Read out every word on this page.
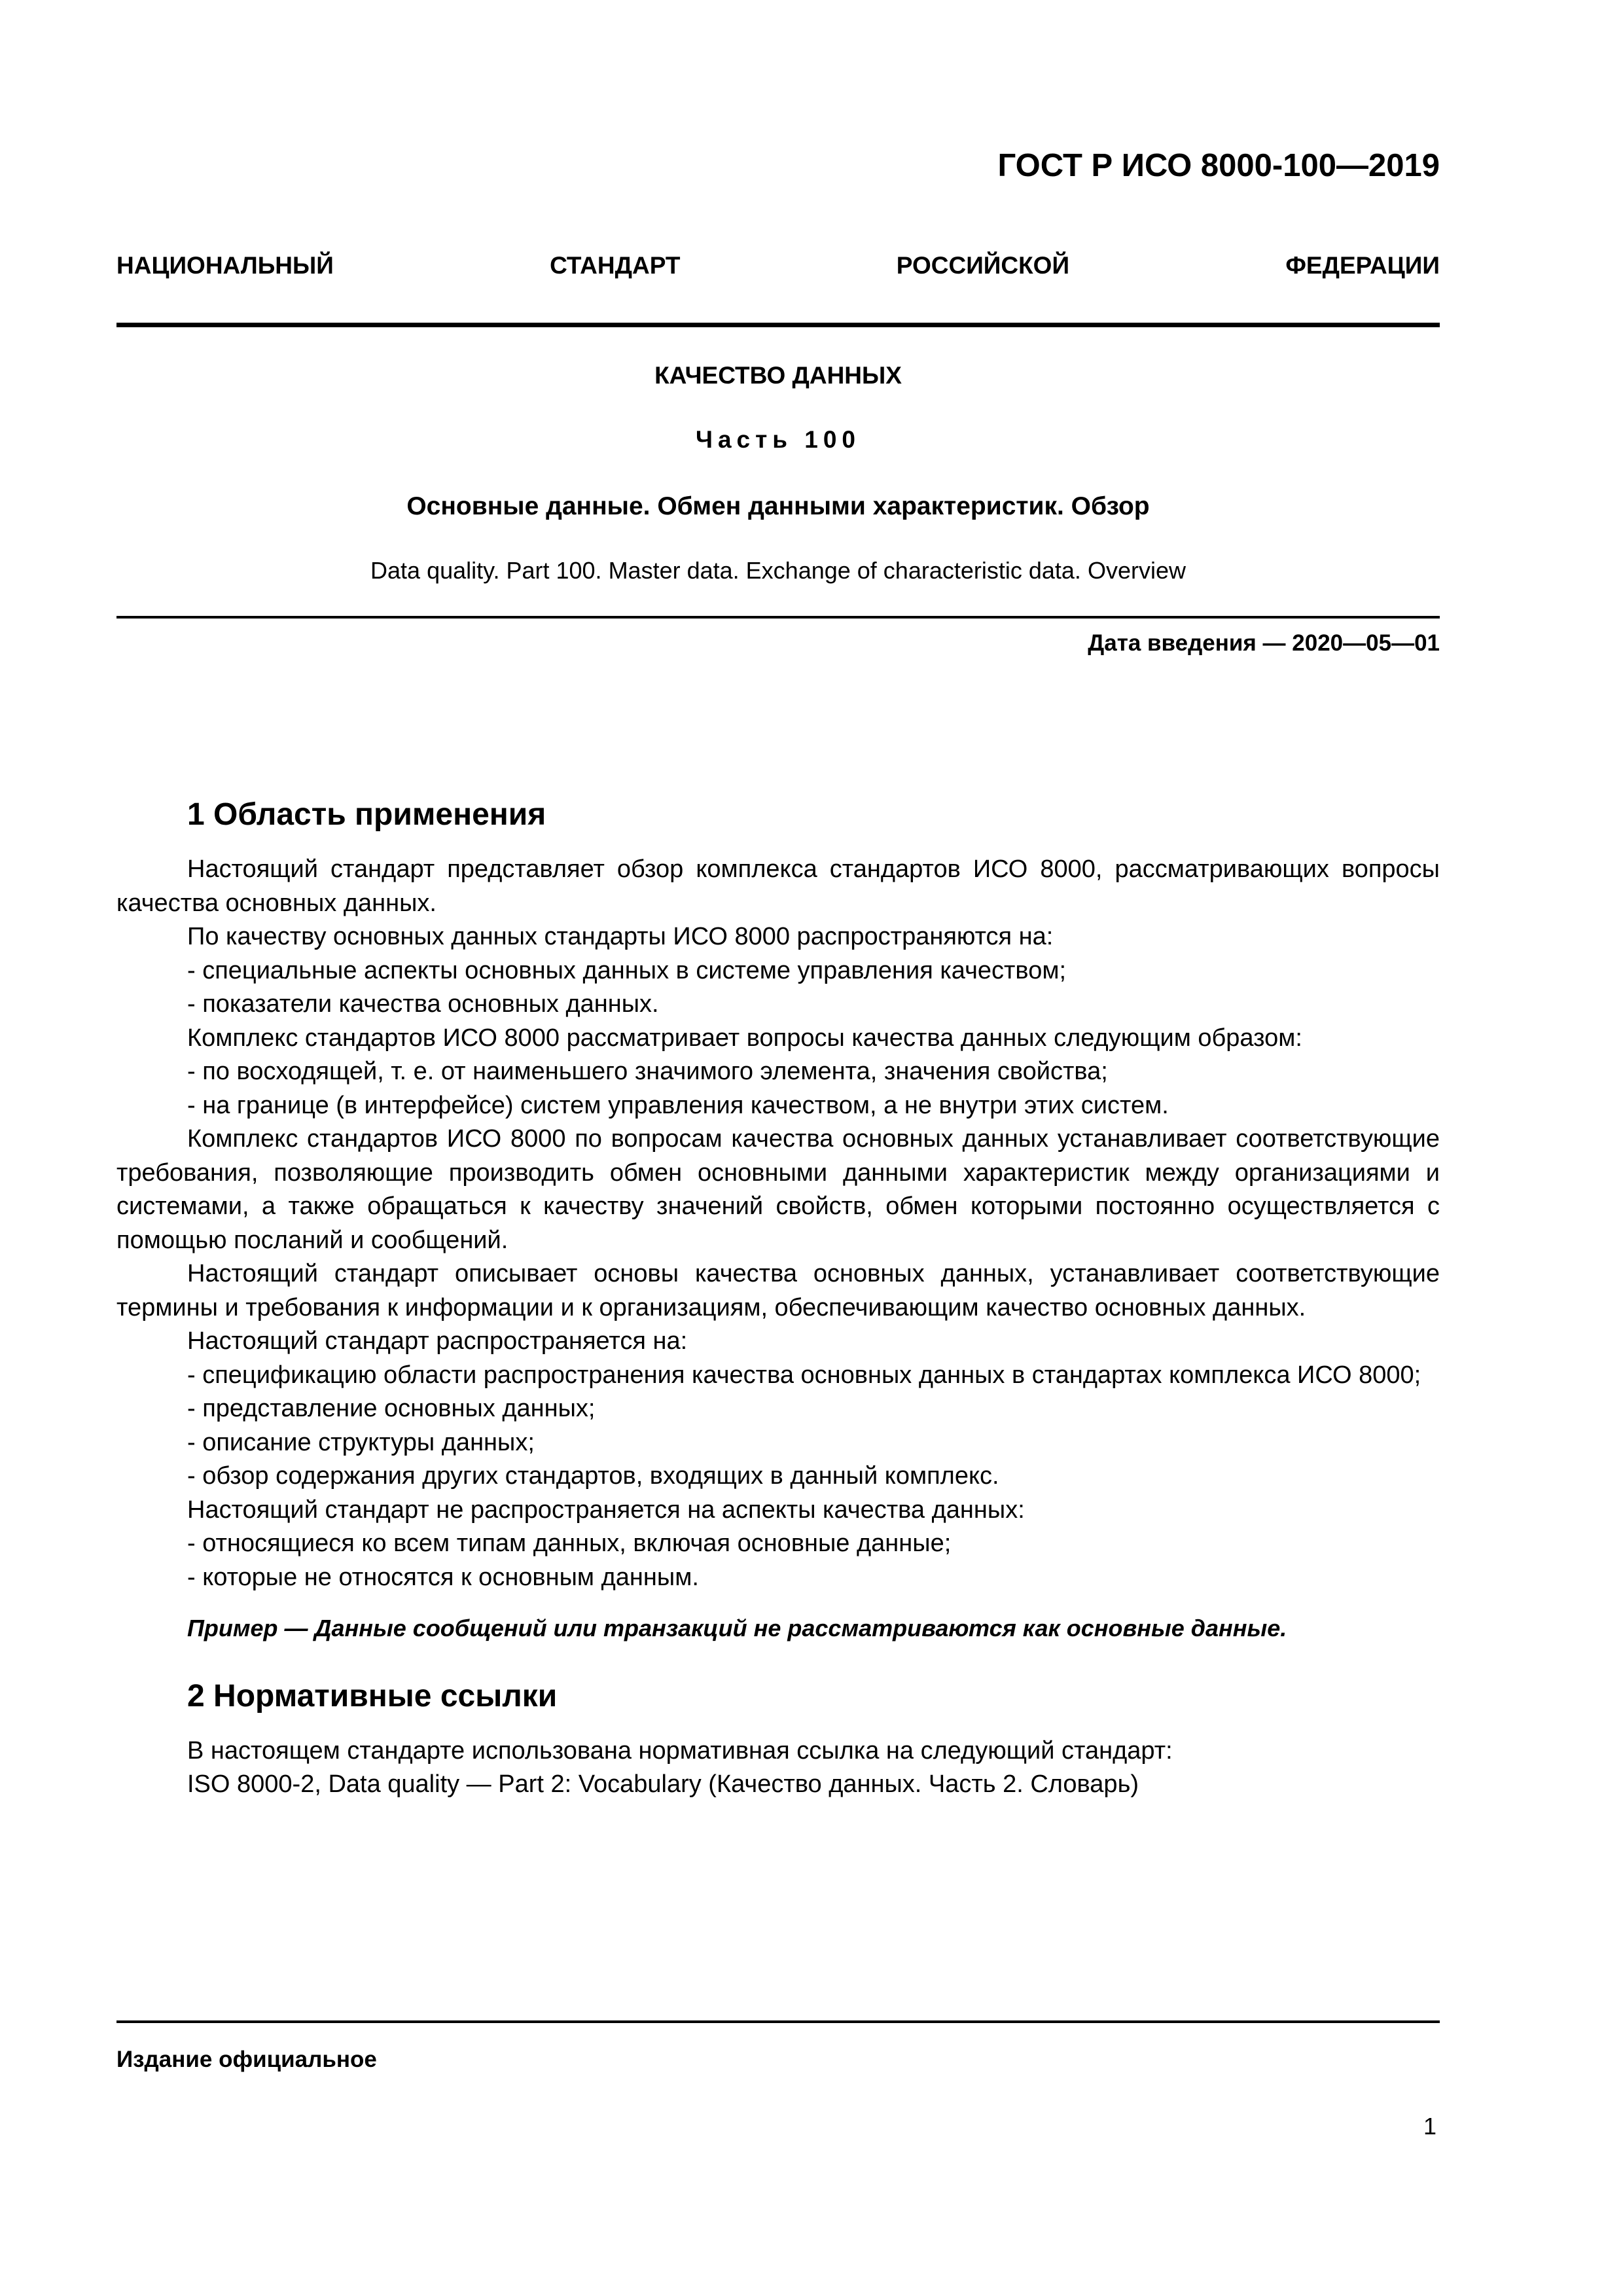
ГОСТ Р ИСО 8000-100—2019
НАЦИОНАЛЬНЫЙ СТАНДАРТ РОССИЙСКОЙ ФЕДЕРАЦИИ
КАЧЕСТВО ДАННЫХ
Часть 100
Основные данные. Обмен данными характеристик. Обзор
Data quality. Part 100. Master data. Exchange of characteristic data. Overview
Дата введения — 2020—05—01
1 Область применения

Настоящий стандарт представляет обзор комплекса стандартов ИСО 8000, рассматривающих вопросы качества основных данных.

По качеству основных данных стандарты ИСО 8000 распространяются на:

- специальные аспекты основных данных в системе управления качеством;

- показатели качества основных данных.

Комплекс стандартов ИСО 8000 рассматривает вопросы качества данных следующим образом:

- по восходящей, т. е. от наименьшего значимого элемента, значения свойства;

- на границе (в интерфейсе) систем управления качеством, а не внутри этих систем.

Комплекс стандартов ИСО 8000 по вопросам качества основных данных устанавливает соответствующие требования, позволяющие производить обмен основными данными характеристик между организациями и системами, а также обращаться к качеству значений свойств, обмен которыми постоянно осуществляется с помощью посланий и сообщений.

Настоящий стандарт описывает основы качества основных данных, устанавливает соответствующие термины и требования к информации и к организациям, обеспечивающим качество основных данных.

Настоящий стандарт распространяется на:

- спецификацию области распространения качества основных данных в стандартах комплекса ИСО 8000;

- представление основных данных;

- описание структуры данных;

- обзор содержания других стандартов, входящих в данный комплекс.

Настоящий стандарт не распространяется на аспекты качества данных:

- относящиеся ко всем типам данных, включая основные данные;

- которые не относятся к основным данным.

Пример — Данные сообщений или транзакций не рассматриваются как основные данные.

2 Нормативные ссылки

В настоящем стандарте использована нормативная ссылка на следующий стандарт:

ISO 8000-2, Data quality — Part 2: Vocabulary (Качество данных. Часть 2. Словарь)

Издание официальное
1
